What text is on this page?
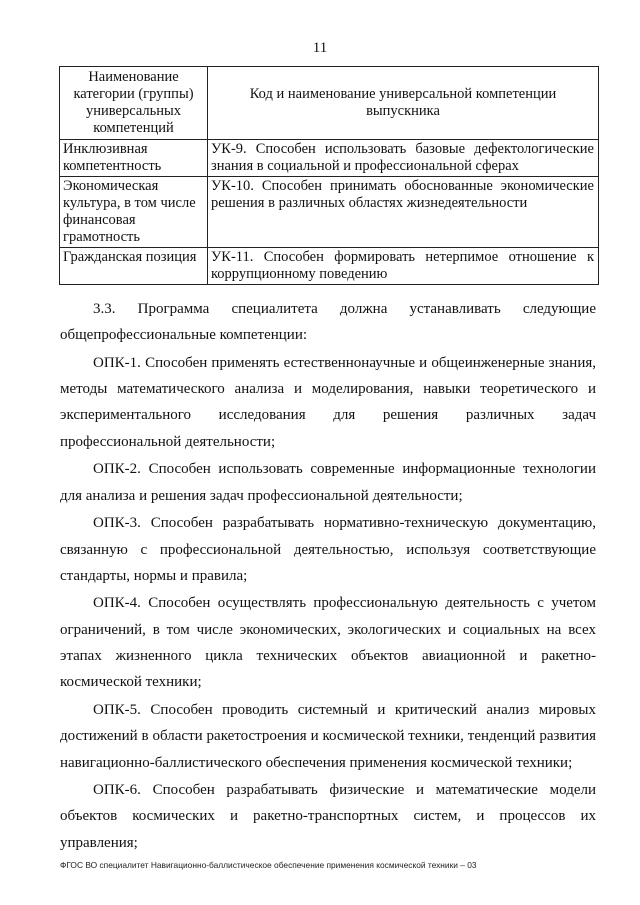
11
Наименование категории (группы) универсальных компетенций	Код и наименование универсальной компетенции выпускника
Инклюзивная компетентность	УК-9. Способен использовать базовые дефектологические знания в социальной и профессиональной сферах
Экономическая культура, в том числе финансовая грамотность	УК-10. Способен принимать обоснованные экономические решения в различных областях жизнедеятельности
Гражданская позиция	УК-11. Способен формировать нетерпимое отношение к коррупционному поведению

3.3. Программа специалитета должна устанавливать следующие общепрофессиональные компетенции:

ОПК-1. Способен применять естественнонаучные и общеинженерные знания, методы математического анализа и моделирования, навыки теоретического и экспериментального исследования для решения различных задач профессиональной деятельности;

ОПК-2. Способен использовать современные информационные технологии для анализа и решения задач профессиональной деятельности;

ОПК-3. Способен разрабатывать нормативно-техническую документацию, связанную с профессиональной деятельностью, используя соответствующие стандарты, нормы и правила;

ОПК-4. Способен осуществлять профессиональную деятельность с учетом ограничений, в том числе экономических, экологических и социальных на всех этапах жизненного цикла технических объектов авиационной и ракетно-космической техники;

ОПК-5. Способен проводить системный и критический анализ мировых достижений в области ракетостроения и космической техники, тенденций развития навигационно-баллистического обеспечения применения космической техники;

ОПК-6. Способен разрабатывать физические и математические модели объектов космических и ракетно-транспортных систем, и процессов их управления;

ФГОС ВО специалитет Навигационно-баллистическое обеспечение применения космической техники – 03
